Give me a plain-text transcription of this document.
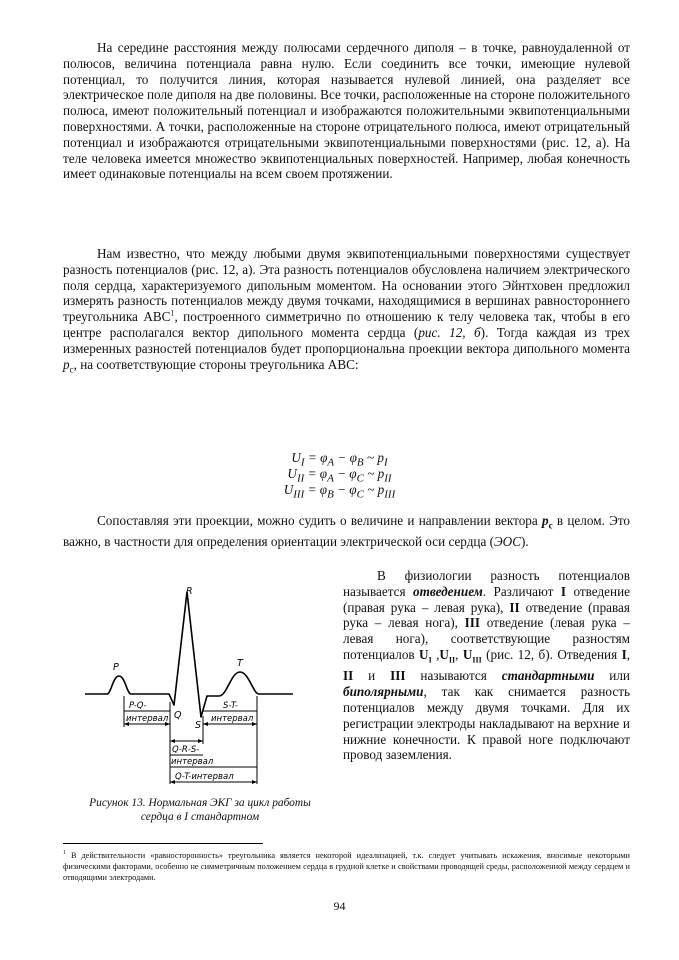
На середине расстояния между полюсами сердечного диполя – в точке, равноудаленной от полюсов, величина потенциала равна нулю. Если соединить все точки, имеющие нулевой потенциал, то получится линия, которая называется нулевой линией, она разделяет все электрическое поле диполя на две половины. Все точки, расположенные на стороне положительного полюса, имеют положительный потенциал и изображаются положительными эквипотенциальными поверхностями. А точки, расположенные на стороне отрицательного полюса, имеют отрицательный потенциал и изображаются отрицательными эквипотенциальными поверхностями (рис. 12, а). На теле человека имеется множество эквипотенциальных поверхностей. Например, любая конечность имеет одинаковые потенциалы на всем своем протяжении.

Нам известно, что между любыми двумя эквипотенциальными поверхностями существует разность потенциалов (рис. 12, а). Эта разность потенциалов обусловлена наличием электрического поля сердца, характеризуемого дипольным моментом. На основании этого Эйнтховен предложил измерять разность потенциалов между двумя точками, находящимися в вершинах равностороннего треугольника ABC$^1$, построенного симметрично по отношению к телу человека так, чтобы в его центре располагался вектор дипольного момента сердца (рис. 12, б). Тогда каждая из трех измеренных разностей потенциалов будет пропорциональна проекции вектора дипольного момента $p_c$, на соответствующие стороны треугольника ABC:

$U_I = \varphi_A - \varphi_B$ ~ $p_I$
$U_{II} = \varphi_A - \varphi_C$ ~ $p_{II}$
$U_{III} = \varphi_B - \varphi_C$ ~ $p_{III}$

Сопоставляя эти проекции, можно судить о величине и направлении вектора $p_c$ в целом. Это важно, в частности для определения ориентации электрической оси сердца (ЭОС).

R
P	T
Q
S
P-Q-
интервал
S-T-
интервал
Q-R-S-
интервал
Q-T-интервал
Рисунок 13. Нормальная ЭКГ за цикл работы сердца в I стандартном

В физиологии разность потенциалов называется отведением. Различают I отведение (правая рука – левая рука), II отведение (правая рука – левая нога), III отведение (левая рука – левая нога), соответствующие разностям потенциалов $U_I$ $,U_{II}$, $U_{III}$ (рис. 12, б). Отведения I, II и III называются стандартными или биполярными, так как снимается разность потенциалов между двумя точками. Для их регистрации электроды накладывают на верхние и нижние конечности. К правой ноге подключают провод заземления.

$^1$ В действительности «равносторонность» треугольника является некоторой идеализацией, т.к. следует учитывать искажения, вносимые некоторыми физическими факторами, особенно не симметричным положением сердца в грудной клетке и свойствами проводящей среды, расположенной между сердцем и отводящими электродами.
94
